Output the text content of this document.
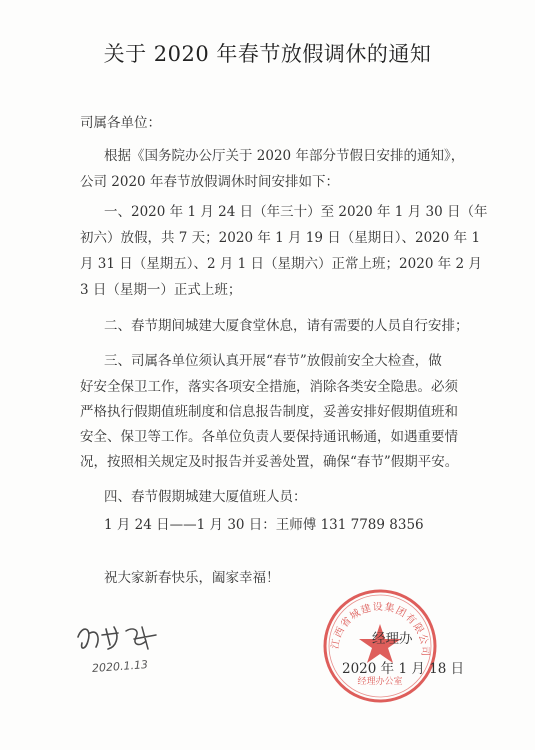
关于 2020 年春节放假调休的通知
司属各单位：
根据《国务院办公厅关于 2020 年部分节假日安排的通知》，
公司 2020 年春节放假调休时间安排如下：
一、2020 年 1 月 24 日（年三十）至 2020 年 1 月 30 日（年
初六）放假，共 7 天；2020 年 1 月 19 日（星期日）、2020 年 1
月 31 日（星期五）、2 月 1 日（星期六）正常上班；2020 年 2 月
3 日（星期一）正式上班；
二、春节期间城建大厦食堂休息，请有需要的人员自行安排；
三、司属各单位须认真开展“春节”放假前安全大检查，做
好安全保卫工作，落实各项安全措施，消除各类安全隐患。必须
严格执行假期值班制度和信息报告制度，妥善安排好假期值班和
安全、保卫等工作。各单位负责人要保持通讯畅通，如遇重要情
况，按照相关规定及时报告并妥善处置，确保“春节”假期平安。
四、春节假期城建大厦值班人员：
1 月 24 日——1 月 30 日：王师傅 131 7789 8356
祝大家新春快乐，阖家幸福！
江西省城建设集团有限公司
经理办公室
经理办
2020 年 1 月 18 日
2020.1.13
